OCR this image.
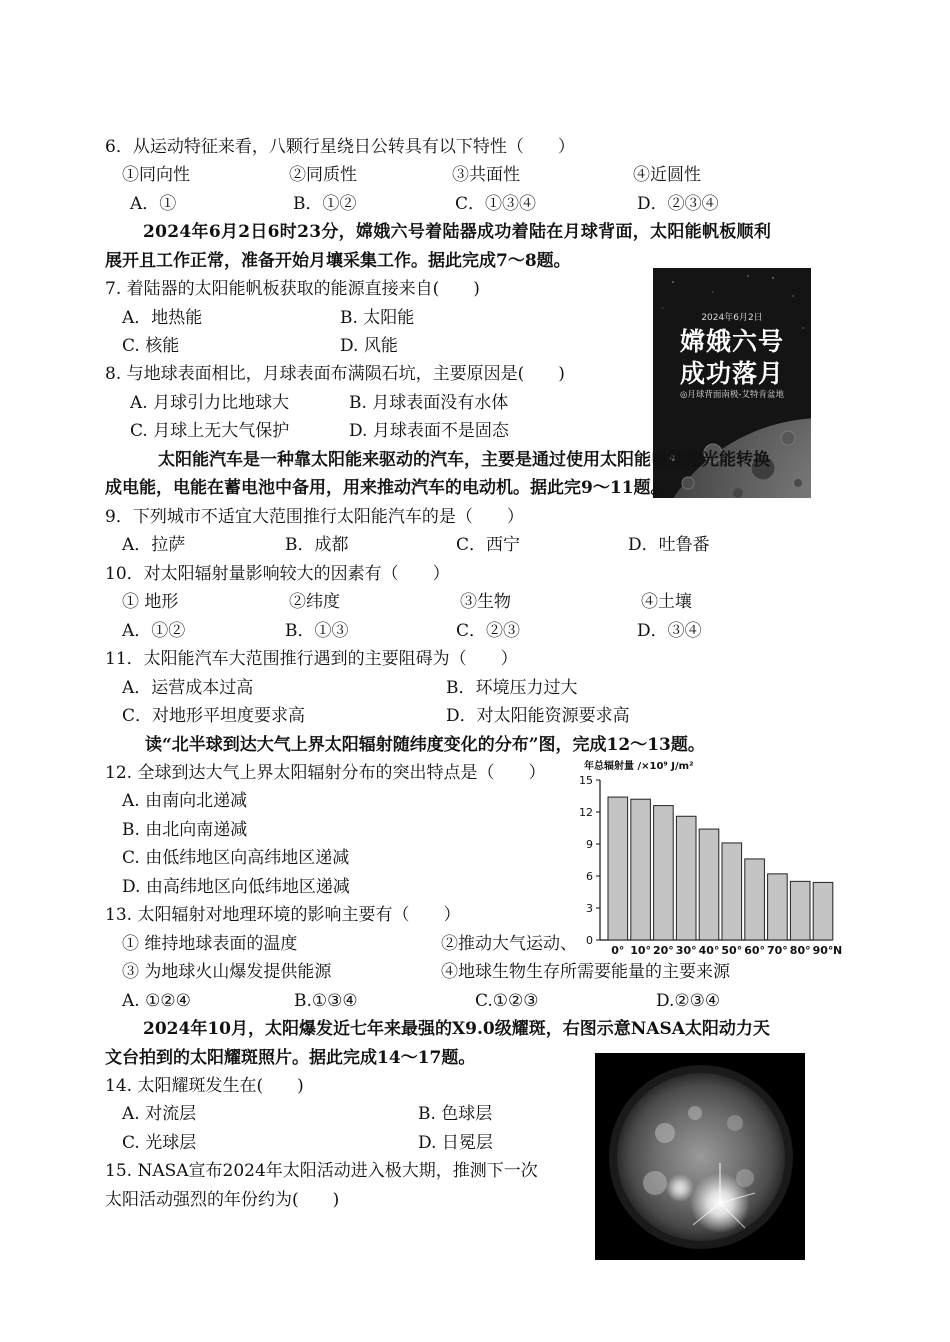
6．从运动特征来看，八颗行星绕日公转具有以下特性（　　）
①同向性	②同质性	③共面性	④近圆性
A．①	B．①②	C．①③④	D．②③④
2024年6月2日6时23分，嫦娥六号着陆器成功着陆在月球背面，太阳能帆板顺利
展开且工作正常，准备开始月壤采集工作。据此完成7～8题。
7. 着陆器的太阳能帆板获取的能源直接来自(　　)
A．地热能	B. 太阳能
C. 核能	D. 风能
8. 与地球表面相比，月球表面布满陨石坑，主要原因是(　　)
A. 月球引力比地球大	B. 月球表面没有水体
C. 月球上无大气保护	D. 月球表面不是固态
2024年6月2日
嫦娥六号
成功落月
◎月球背面南极-艾特肯盆地
太阳能汽车是一种靠太阳能来驱动的汽车，主要是通过使用太阳能电池把光能转换
成电能，电能在蓄电池中备用，用来推动汽车的电动机。据此完9～11题。
9．下列城市不适宜大范围推行太阳能汽车的是（　　）
A．拉萨	B．成都	C．西宁	D．吐鲁番
10．对太阳辐射量影响较大的因素有（　　）
① 地形	②纬度	③生物	④土壤
A．①②	B．①③	C．②③	D．③④
11．太阳能汽车大范围推行遇到的主要阻碍为（　　）
A．运营成本过高	B．环境压力过大
C．对地形平坦度要求高	D．对太阳能资源要求高
读“北半球到达大气上界太阳辐射随纬度变化的分布”图，完成12～13题。
12. 全球到达大气上界太阳辐射分布的突出特点是（　　）
A. 由南向北递减
B. 由北向南递减
C. 由低纬地区向高纬地区递减
D. 由高纬地区向低纬地区递减
年总辐射量 /×10⁹ J/m²
0
3
6
9
12
15
0° 10° 20° 30° 40° 50° 60° 70° 80° 90° N
13. 太阳辐射对地理环境的影响主要有（　　）
① 维持地球表面的温度	②推动大气运动、
③ 为地球火山爆发提供能源	④地球生物生存所需要能量的主要来源
A. ①②④	B.①③④	C.①②③	D.②③④
2024年10月，太阳爆发近七年来最强的X9.0级耀斑，右图示意NASA太阳动力天
文台拍到的太阳耀斑照片。据此完成14～17题。
14. 太阳耀斑发生在(　　)
A. 对流层	B. 色球层
C. 光球层	D. 日冕层
15. NASA宣布2024年太阳活动进入极大期，推测下一次
太阳活动强烈的年份约为(　　)
